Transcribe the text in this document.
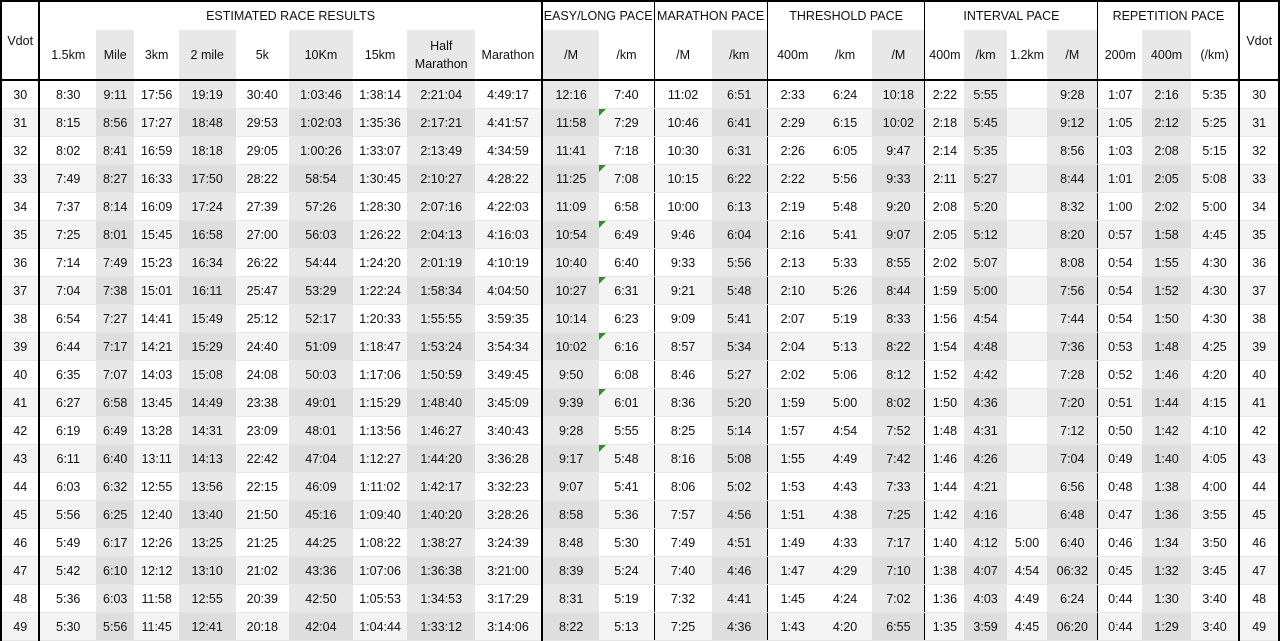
Vdot	ESTIMATED RACE RESULTS									EASY/LONG PACE		MARATHON PACE		THRESHOLD PACE			INTERVAL PACE				REPETITION PACE			Vdot
	1.5km	Mile	3km	2 mile	5k	10Km	15km	Half Marathon	Marathon	/M	/km	/M	/km	400m	/km	/M	400m	/km	1.2km	/M	200m	400m	(/km)	
30	8:30	9:11	17:56	19:19	30:40	1:03:46	1:38:14	2:21:04	4:49:17	12:16	7:40	11:02	6:51	2:33	6:24	10:18	2:22	5:55		9:28	1:07	2:16	5:35	30
31	8:15	8:56	17:27	18:48	29:53	1:02:03	1:35:36	2:17:21	4:41:57	11:58	7:29	10:46	6:41	2:29	6:15	10:02	2:18	5:45		9:12	1:05	2:12	5:25	31
32	8:02	8:41	16:59	18:18	29:05	1:00:26	1:33:07	2:13:49	4:34:59	11:41	7:18	10:30	6:31	2:26	6:05	9:47	2:14	5:35		8:56	1:03	2:08	5:15	32
33	7:49	8:27	16:33	17:50	28:22	58:54	1:30:45	2:10:27	4:28:22	11:25	7:08	10:15	6:22	2:22	5:56	9:33	2:11	5:27		8:44	1:01	2:05	5:08	33
34	7:37	8:14	16:09	17:24	27:39	57:26	1:28:30	2:07:16	4:22:03	11:09	6:58	10:00	6:13	2:19	5:48	9:20	2:08	5:20		8:32	1:00	2:02	5:00	34
35	7:25	8:01	15:45	16:58	27:00	56:03	1:26:22	2:04:13	4:16:03	10:54	6:49	9:46	6:04	2:16	5:41	9:07	2:05	5:12		8:20	0:57	1:58	4:45	35
36	7:14	7:49	15:23	16:34	26:22	54:44	1:24:20	2:01:19	4:10:19	10:40	6:40	9:33	5:56	2:13	5:33	8:55	2:02	5:07		8:08	0:54	1:55	4:30	36
37	7:04	7:38	15:01	16:11	25:47	53:29	1:22:24	1:58:34	4:04:50	10:27	6:31	9:21	5:48	2:10	5:26	8:44	1:59	5:00		7:56	0:54	1:52	4:30	37
38	6:54	7:27	14:41	15:49	25:12	52:17	1:20:33	1:55:55	3:59:35	10:14	6:23	9:09	5:41	2:07	5:19	8:33	1:56	4:54		7:44	0:54	1:50	4:30	38
39	6:44	7:17	14:21	15:29	24:40	51:09	1:18:47	1:53:24	3:54:34	10:02	6:16	8:57	5:34	2:04	5:13	8:22	1:54	4:48		7:36	0:53	1:48	4:25	39
40	6:35	7:07	14:03	15:08	24:08	50:03	1:17:06	1:50:59	3:49:45	9:50	6:08	8:46	5:27	2:02	5:06	8:12	1:52	4:42		7:28	0:52	1:46	4:20	40
41	6:27	6:58	13:45	14:49	23:38	49:01	1:15:29	1:48:40	3:45:09	9:39	6:01	8:36	5:20	1:59	5:00	8:02	1:50	4:36		7:20	0:51	1:44	4:15	41
42	6:19	6:49	13:28	14:31	23:09	48:01	1:13:56	1:46:27	3:40:43	9:28	5:55	8:25	5:14	1:57	4:54	7:52	1:48	4:31		7:12	0:50	1:42	4:10	42
43	6:11	6:40	13:11	14:13	22:42	47:04	1:12:27	1:44:20	3:36:28	9:17	5:48	8:16	5:08	1:55	4:49	7:42	1:46	4:26		7:04	0:49	1:40	4:05	43
44	6:03	6:32	12:55	13:56	22:15	46:09	1:11:02	1:42:17	3:32:23	9:07	5:41	8:06	5:02	1:53	4:43	7:33	1:44	4:21		6:56	0:48	1:38	4:00	44
45	5:56	6:25	12:40	13:40	21:50	45:16	1:09:40	1:40:20	3:28:26	8:58	5:36	7:57	4:56	1:51	4:38	7:25	1:42	4:16		6:48	0:47	1:36	3:55	45
46	5:49	6:17	12:26	13:25	21:25	44:25	1:08:22	1:38:27	3:24:39	8:48	5:30	7:49	4:51	1:49	4:33	7:17	1:40	4:12	5:00	6:40	0:46	1:34	3:50	46
47	5:42	6:10	12:12	13:10	21:02	43:36	1:07:06	1:36:38	3:21:00	8:39	5:24	7:40	4:46	1:47	4:29	7:10	1:38	4:07	4:54	06:32	0:45	1:32	3:45	47
48	5:36	6:03	11:58	12:55	20:39	42:50	1:05:53	1:34:53	3:17:29	8:31	5:19	7:32	4:41	1:45	4:24	7:02	1:36	4:03	4:49	6:24	0:44	1:30	3:40	48
49	5:30	5:56	11:45	12:41	20:18	42:04	1:04:44	1:33:12	3:14:06	8:22	5:13	7:25	4:36	1:43	4:20	6:55	1:35	3:59	4:45	06:20	0:44	1:29	3:40	49
